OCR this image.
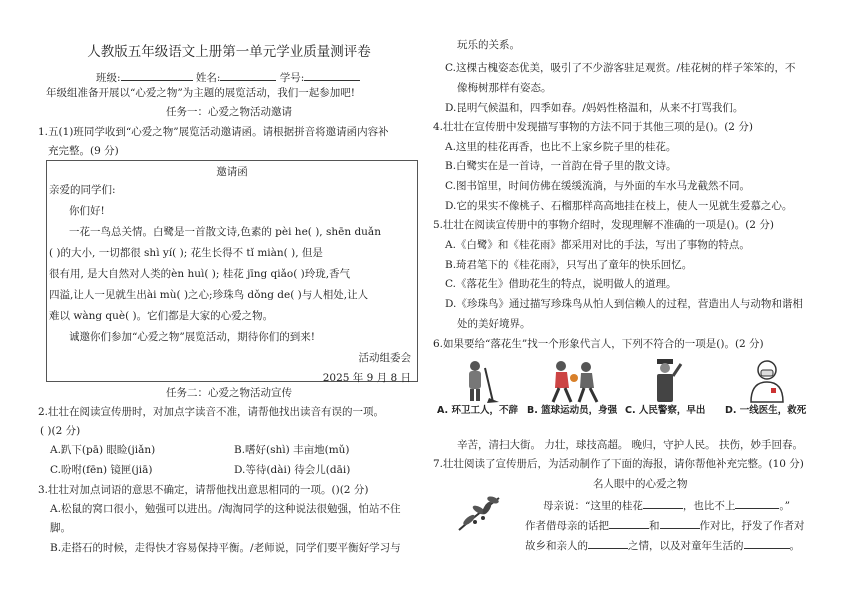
人教版五年级语文上册第一单元学业质量测评卷
班级:	姓名:	学号:
年级组准备开展以“心爱之物”为主题的展览活动，我们一起参加吧!
任务一：心爱之物活动邀请
1.五(1)班同学收到“心爱之物”展览活动邀请函。请根据拼音将邀请函内容补
充完整。(9 分)
邀请函
亲爱的同学们:
你们好!
一花一鸟总关情。白鹭是一首散文诗,色素的 pèi he( ), shēn duǎn
( )的大小, 一切都很 shì yí( ); 花生长得不 tǐ miàn( ), 但是
很有用, 是大自然对人类的èn huì( ); 桂花 jīng qiǎo( )玲珑,香气
四溢,让人一见就生出ài mù( )之心;珍珠鸟 dǒng de( )与人相处,让人
难以 wàng què( )。它们都是大家的心爱之物。
诚邀你们参加“心爱之物”展览活动，期待你们的到来!
活动组委会
2025 年 9 月 8 日
任务二：心爱之物活动宣传
2.壮壮在阅读宣传册时，对加点字读音不准，请帮他找出读音有误的一项。
( )(2 分)
A.趴下(pā) 眼睑(jiǎn)	B.嗜好(shì) 丰亩地(mǔ)
C.吩咐(fēn) 镜匣(jiā)	D.等待(dài) 待会儿(dāi)
3.壮壮对加点词语的意思不确定，请帮他找出意思相同的一项。()(2 分)
A.松鼠的窝口很小，勉强可以进出。/淘淘同学的这种说法很勉强，怕站不住
脚。
B.走搭石的时候，走得快才容易保持平衡。/老师说，同学们要平衡好学习与
玩乐的关系。
C.这棵古槐姿态优美，吸引了不少游客驻足观赏。/桂花树的样子笨笨的，不
像梅树那样有姿态。
D.昆明气候温和，四季如春。/妈妈性格温和，从来不打骂我们。
4.壮壮在宣传册中发现描写事物的方法不同于其他三项的是()。(2 分)
A.这里的桂花再香，也比不上家乡院子里的桂花。
B.白鹭实在是一首诗，一首韵在骨子里的散文诗。
C.图书馆里，时间仿佛在缓缓流淌，与外面的车水马龙截然不同。
D.它的果实不像桃子、石榴那样高高地挂在枝上，使人一见就生爱慕之心。
5.壮壮在阅读宣传册中的事物介绍时，发现理解不准确的一项是()。(2 分)
A.《白鹭》和《桂花雨》都采用对比的手法，写出了事物的特点。
B.琦君笔下的《桂花雨》，只写出了童年的快乐回忆。
C.《落花生》借助花生的特点，说明做人的道理。
D.《珍珠鸟》通过描写珍珠鸟从怕人到信赖人的过程，营造出人与动物和谐相
处的美好境界。
6.如果要给“落花生”找一个形象代言人，下列不符合的一项是()。(2 分)
A. 环卫工人，不辞 B. 篮球运动员，身强 C. 人民警察，早出 D. 一线医生，救死
辛苦，清扫大街。 力壮，球技高超。 晚归，守护人民。 扶伤，妙手回春。
7.壮壮阅读了宣传册后，为活动制作了下面的海报，请你帮他补充完整。(10 分)
名人眼中的心爱之物
母亲说：“这里的桂花	，也比不上	。”
作者借母亲的话把	和	作对比，抒发了作者对
故乡和亲人的	之情，以及对童年生活的	。
